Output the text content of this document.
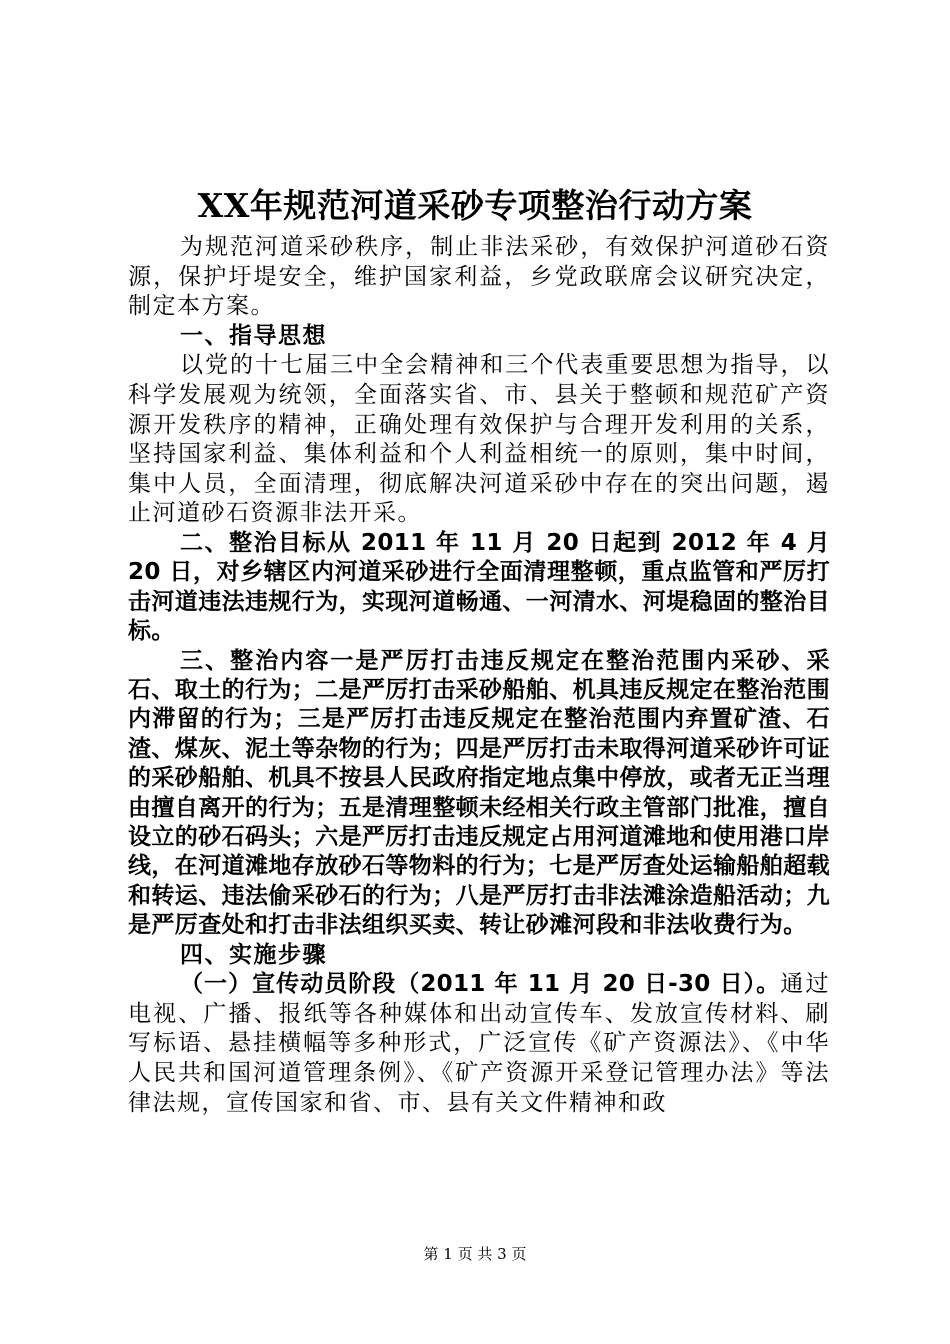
XX年规范河道采砂专项整治行动方案

为规范河道采砂秩序，制止非法采砂，有效保护河道砂石资源，保护圩堤安全，维护国家利益，乡党政联席会议研究决定，制定本方案。

一、指导思想

以党的十七届三中全会精神和三个代表重要思想为指导，以科学发展观为统领，全面落实省、市、县关于整顿和规范矿产资源开发秩序的精神，正确处理有效保护与合理开发利用的关系，坚持国家利益、集体利益和个人利益相统一的原则，集中时间，集中人员，全面清理，彻底解决河道采砂中存在的突出问题，遏止河道砂石资源非法开采。

二、整治目标从 2011 年 11 月 20 日起到 2012 年 4 月 20 日，对乡辖区内河道采砂进行全面清理整顿，重点监管和严厉打击河道违法违规行为，实现河道畅通、一河清水、河堤稳固的整治目标。

三、整治内容一是严厉打击违反规定在整治范围内采砂、采石、取土的行为；二是严厉打击采砂船舶、机具违反规定在整治范围内滞留的行为；三是严厉打击违反规定在整治范围内弃置矿渣、石渣、煤灰、泥土等杂物的行为；四是严厉打击未取得河道采砂许可证的采砂船舶、机具不按县人民政府指定地点集中停放，或者无正当理由擅自离开的行为；五是清理整顿未经相关行政主管部门批准，擅自设立的砂石码头；六是严厉打击违反规定占用河道滩地和使用港口岸线，在河道滩地存放砂石等物料的行为；七是严厉查处运输船舶超载和转运、违法偷采砂石的行为；八是严厉打击非法滩涂造船活动；九是严厉查处和打击非法组织买卖、转让砂滩河段和非法收费行为。

四、实施步骤

（一）宣传动员阶段（2011 年 11 月 20 日-30 日）。通过电视、广播、报纸等各种媒体和出动宣传车、发放宣传材料、刷写标语、悬挂横幅等多种形式，广泛宣传《矿产资源法》、《中华人民共和国河道管理条例》、《矿产资源开采登记管理办法》等法律法规，宣传国家和省、市、县有关文件精神和政

第 1 页 共 3 页
